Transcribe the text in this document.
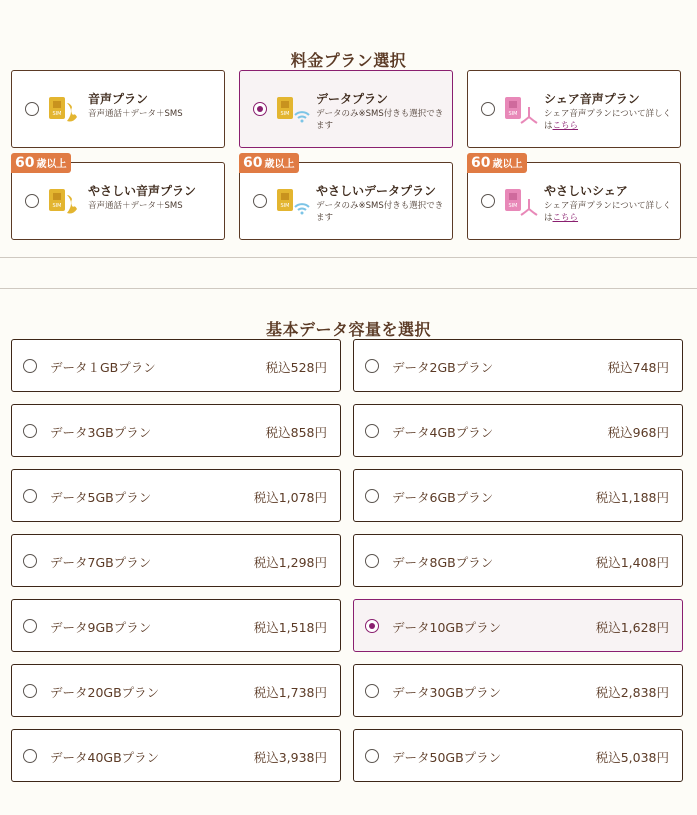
料金プラン選択
SIM
音声プラン
音声通話＋データ＋SMS	SIM
データプラン
データのみ※SMS付きも選択できます
SIM
シェア音声プラン
シェア音声プランについて詳しくはこちら
SIM
やさしい音声プラン
音声通話＋データ＋SMS
60 歳以上
SIM
やさしいデータプラン
データのみ※SMS付きも選択できます
60 歳以上
SIM
やさしいシェア
シェア音声プランについて詳しくはこちら
60 歳以上
基本データ容量を選択
データ１GBプラン	税込528円	データ2GBプラン	税込748円
データ3GBプラン	税込858円	データ4GBプラン	税込968円
データ5GBプラン	税込1,078円	データ6GBプラン	税込1,188円
データ7GBプラン	税込1,298円	データ8GBプラン	税込1,408円
データ9GBプラン	税込1,518円	データ10GBプラン	税込1,628円
データ20GBプラン	税込1,738円	データ30GBプラン	税込2,838円
データ40GBプラン	税込3,938円	データ50GBプラン	税込5,038円
